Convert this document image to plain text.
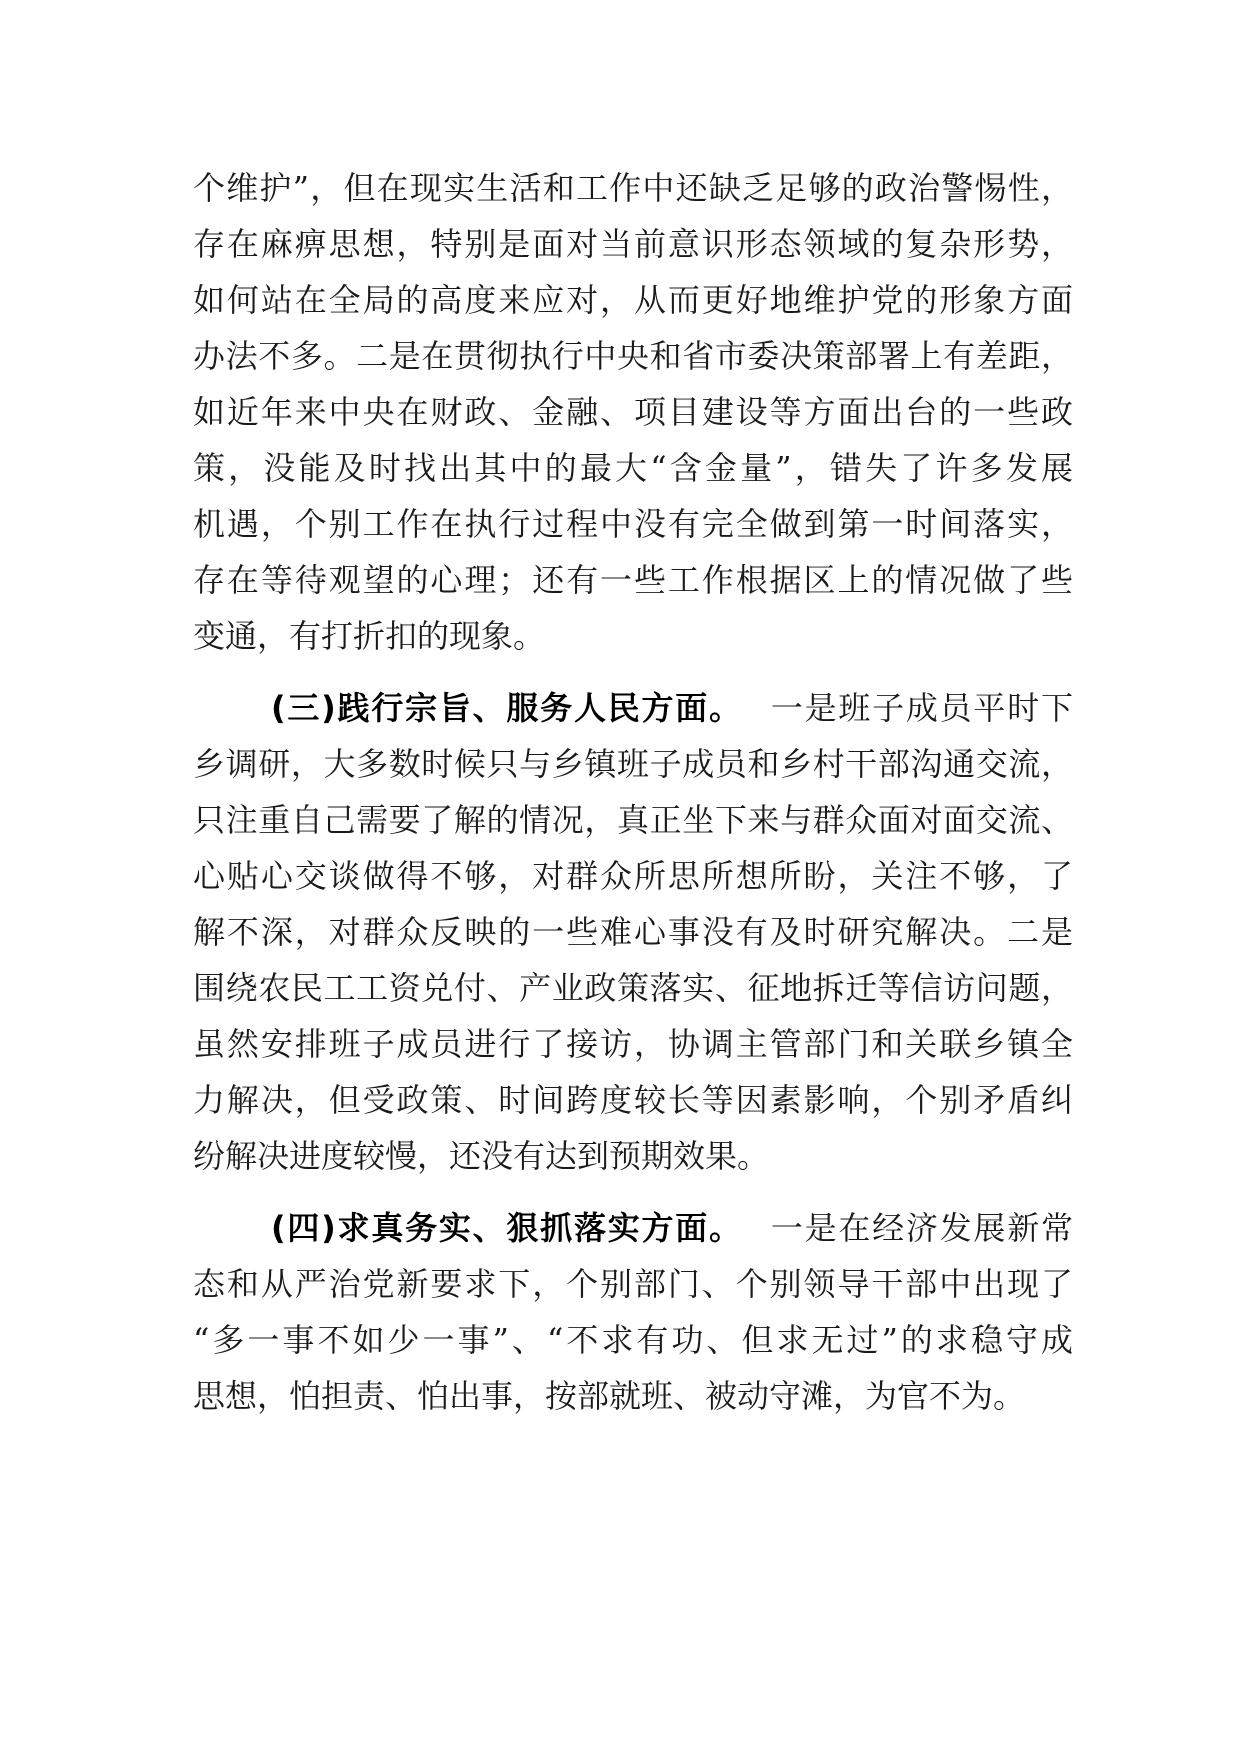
个维护”，但在现实生活和工作中还缺乏足够的政治警惕性，
存在麻痹思想，特别是面对当前意识形态领域的复杂形势，
如何站在全局的高度来应对，从而更好地维护党的形象方面
办法不多。二是在贯彻执行中央和省市委决策部署上有差距，
如近年来中央在财政、金融、项目建设等方面出台的一些政
策，没能及时找出其中的最大“含金量”，错失了许多发展
机遇，个别工作在执行过程中没有完全做到第一时间落实，
存在等待观望的心理；还有一些工作根据区上的情况做了些
变通，有打折扣的现象。
(三)践行宗旨、服务人民方面。 一是班子成员平时下
乡调研，大多数时候只与乡镇班子成员和乡村干部沟通交流，
只注重自己需要了解的情况，真正坐下来与群众面对面交流、
心贴心交谈做得不够，对群众所思所想所盼，关注不够，了
解不深，对群众反映的一些难心事没有及时研究解决。二是
围绕农民工工资兑付、产业政策落实、征地拆迁等信访问题，
虽然安排班子成员进行了接访，协调主管部门和关联乡镇全
力解决，但受政策、时间跨度较长等因素影响，个别矛盾纠
纷解决进度较慢，还没有达到预期效果。
(四)求真务实、狠抓落实方面。 一是在经济发展新常
态和从严治党新要求下，个别部门、个别领导干部中出现了
“多一事不如少一事”、“不求有功、但求无过”的求稳守成
思想，怕担责、怕出事，按部就班、被动守滩，为官不为。
